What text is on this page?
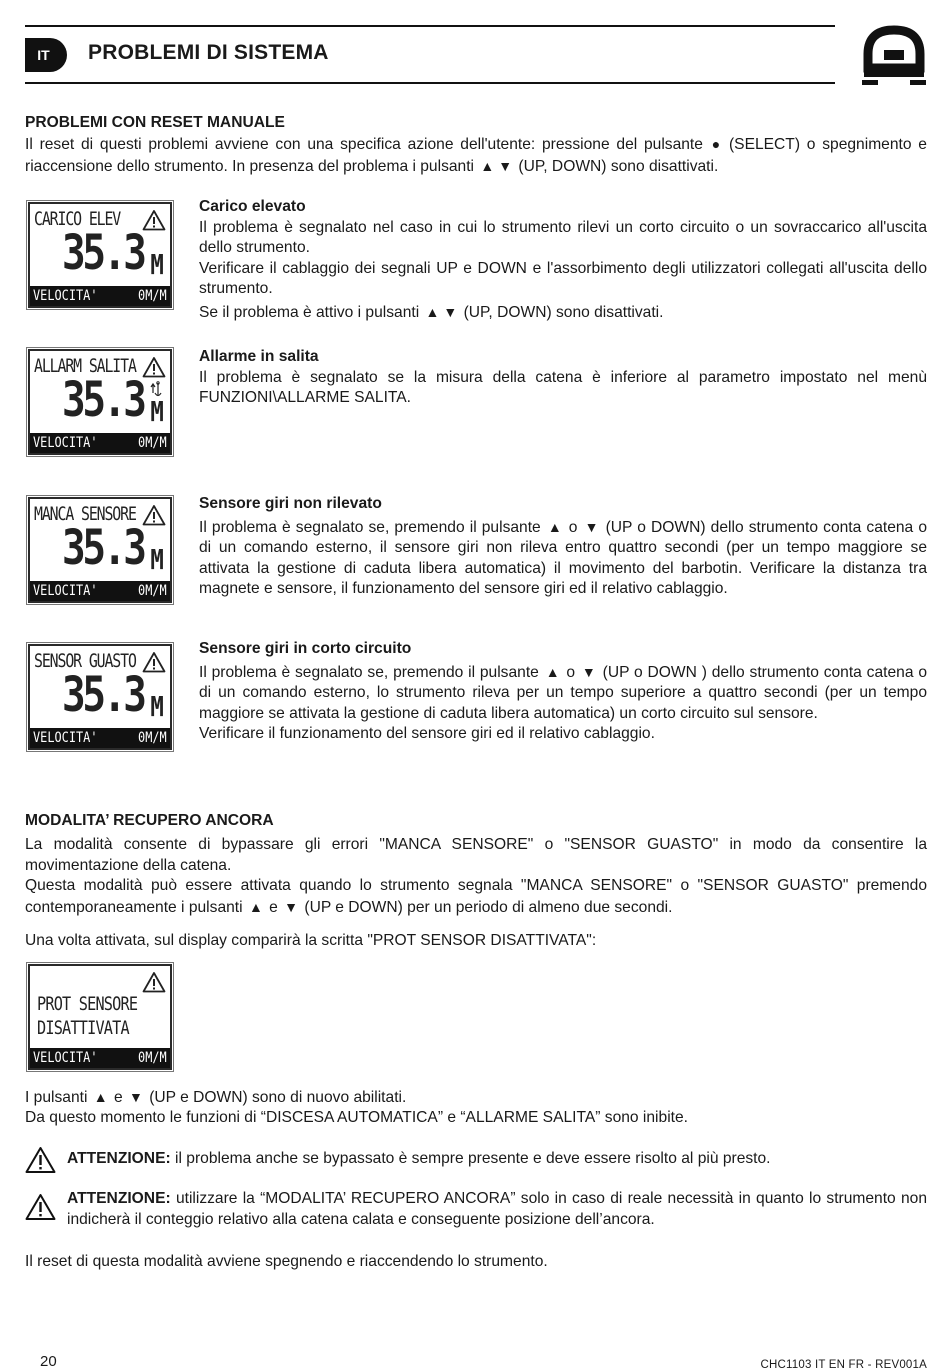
IT	PROBLEMI DI SISTEMA
PROBLEMI CON RESET MANUALE
Il reset di questi problemi avviene con una specifica azione dell'utente: pressione del pulsante ● (SELECT) o spegnimento e riaccensione dello strumento. In presenza del problema i pulsanti ▲ ▼ (UP, DOWN) sono disattivati.
CARICO ELEV
35.3 M
VELOCITA'	0M/M
Carico elevato
Il problema è segnalato nel caso in cui lo strumento rilevi un corto circuito o un sovraccarico all'uscita dello strumento.
Verificare il cablaggio dei segnali UP e DOWN e l'assorbimento degli utilizzatori collegati all'uscita dello strumento.
Se il problema è attivo i pulsanti ▲ ▼ (UP, DOWN) sono disattivati.
ALLARM SALITA
35.3 M
VELOCITA'	0M/M
Allarme in salita
Il problema è segnalato se la misura della catena è inferiore al parametro impostato nel menù FUNZIONI\ALLARME SALITA.
MANCA SENSORE
35.3 M
VELOCITA'	0M/M
Sensore giri non rilevato
Il problema è segnalato se, premendo il pulsante ▲ o ▼ (UP o DOWN) dello strumento conta catena o di un comando esterno, il sensore giri non rileva entro quattro secondi (per un tempo maggiore se attivata la gestione di caduta libera automatica) il movimento del barbotin. Verificare la distanza tra magnete e sensore, il funzionamento del sensore giri ed il relativo cablaggio.
SENSOR GUASTO
35.3 M
VELOCITA'	0M/M
Sensore giri in corto circuito
Il problema è segnalato se, premendo il pulsante ▲ o ▼ (UP o DOWN ) dello strumento conta catena o di un comando esterno, lo strumento rileva per un tempo superiore a quattro secondi (per un tempo maggiore se attivata la gestione di caduta libera automatica) un corto circuito sul sensore.
Verificare il funzionamento del sensore giri ed il relativo cablaggio.
MODALITA’ RECUPERO ANCORA
La modalità consente di bypassare gli errori "MANCA SENSORE" o "SENSOR GUASTO" in modo da consentire la movimentazione della catena.
Questa modalità può essere attivata quando lo strumento segnala "MANCA SENSORE" o "SENSOR GUASTO" premendo contemporaneamente i pulsanti ▲ e ▼ (UP e DOWN) per un periodo di almeno due secondi.
Una volta attivata, sul display comparirà la scritta "PROT SENSOR DISATTIVATA":
PROT SENSORE
DISATTIVATA
VELOCITA'	0M/M
I pulsanti ▲ e ▼ (UP e DOWN) sono di nuovo abilitati.
Da questo momento le funzioni di “DISCESA AUTOMATICA” e “ALLARME SALITA” sono inibite.
ATTENZIONE: il problema anche se bypassato è sempre presente e deve essere risolto al più presto.
ATTENZIONE: utilizzare la “MODALITA’ RECUPERO ANCORA” solo in caso di reale necessità in quanto lo strumento non indicherà il conteggio relativo alla catena calata e conseguente posizione dell’ancora.
Il reset di questa modalità avviene spegnendo e riaccendendo lo strumento.
20	CHC1103 IT EN FR - REV001A
